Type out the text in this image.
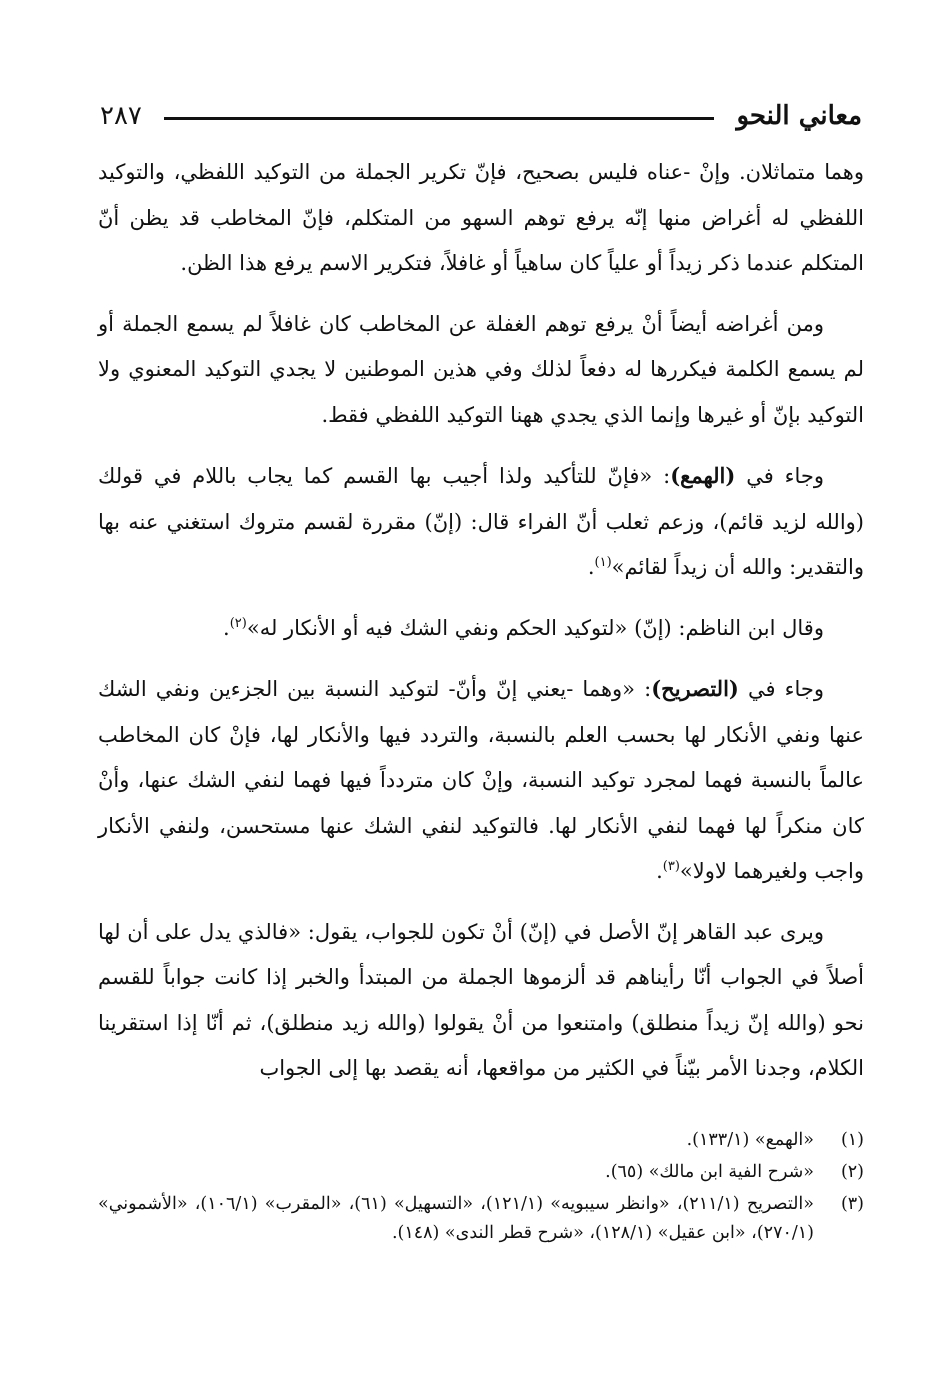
معاني النحو
٢٨٧

وهما متماثلان. وإنْ -عناه فليس بصحيح، فإنّ تكرير الجملة من التوكيد اللفظي، والتوكيد اللفظي له أغراض منها إنّه يرفع توهم السهو من المتكلم، فإنّ المخاطب قد يظن أنّ المتكلم عندما ذكر زيداً أو علياً كان ساهياً أو غافلاً، فتكرير الاسم يرفع هذا الظن.

ومن أغراضه أيضاً أنْ يرفع توهم الغفلة عن المخاطب كان غافلاً لم يسمع الجملة أو لم يسمع الكلمة فيكررها له دفعاً لذلك وفي هذين الموطنين لا يجدي التوكيد المعنوي ولا التوكيد بإنّ أو غيرها وإنما الذي يجدي ههنا التوكيد اللفظي فقط.

وجاء في (الهمع): «فإنّ للتأكيد ولذا أجيب بها القسم كما يجاب باللام في قولك (والله لزيد قائم)، وزعم ثعلب أنّ الفراء قال: (إنّ) مقررة لقسم متروك استغني عنه بها والتقدير: والله أن زيداً لقائم»$^{(١)}$.

وقال ابن الناظم: (إنّ) «لتوكيد الحكم ونفي الشك فيه أو الأنكار له»$^{(٢)}$.

وجاء في (التصريح): «وهما -يعني إنّ وأنّ- لتوكيد النسبة بين الجزءين ونفي الشك عنها ونفي الأنكار لها بحسب العلم بالنسبة، والتردد فيها والأنكار لها، فإنْ كان المخاطب عالماً بالنسبة فهما لمجرد توكيد النسبة، وإنْ كان متردداً فيها فهما لنفي الشك عنها، وأنْ كان منكراً لها فهما لنفي الأنكار لها. فالتوكيد لنفي الشك عنها مستحسن، ولنفي الأنكار واجب ولغيرهما لاولا»$^{(٣)}$.

ويرى عبد القاهر إنّ الأصل في (إنّ) أنْ تكون للجواب، يقول: «فالذي يدل على أن لها أصلاً في الجواب أنّا رأيناهم قد ألزموها الجملة من المبتدأ والخبر إذا كانت جواباً للقسم نحو (والله إنّ زيداً منطلق) وامتنعوا من أنْ يقولوا (والله زيد منطلق)، ثم أنّا إذا استقرينا الكلام، وجدنا الأمر بيّناً في الكثير من مواقعها، أنه يقصد بها إلى الجواب

(١)
«الهمع» (١٣٣/١).
(٢)
«شرح الفية ابن مالك» (٦٥).
(٣)
«التصريح (٢١١/١)، «وانظر سيبويه» (١٢١/١)، «التسهيل» (٦١)، «المقرب» (١٠٦/١)، «الأشموني» (٢٧٠/١)، «ابن عقيل» (١٢٨/١)، «شرح قطر الندى» (١٤٨).
